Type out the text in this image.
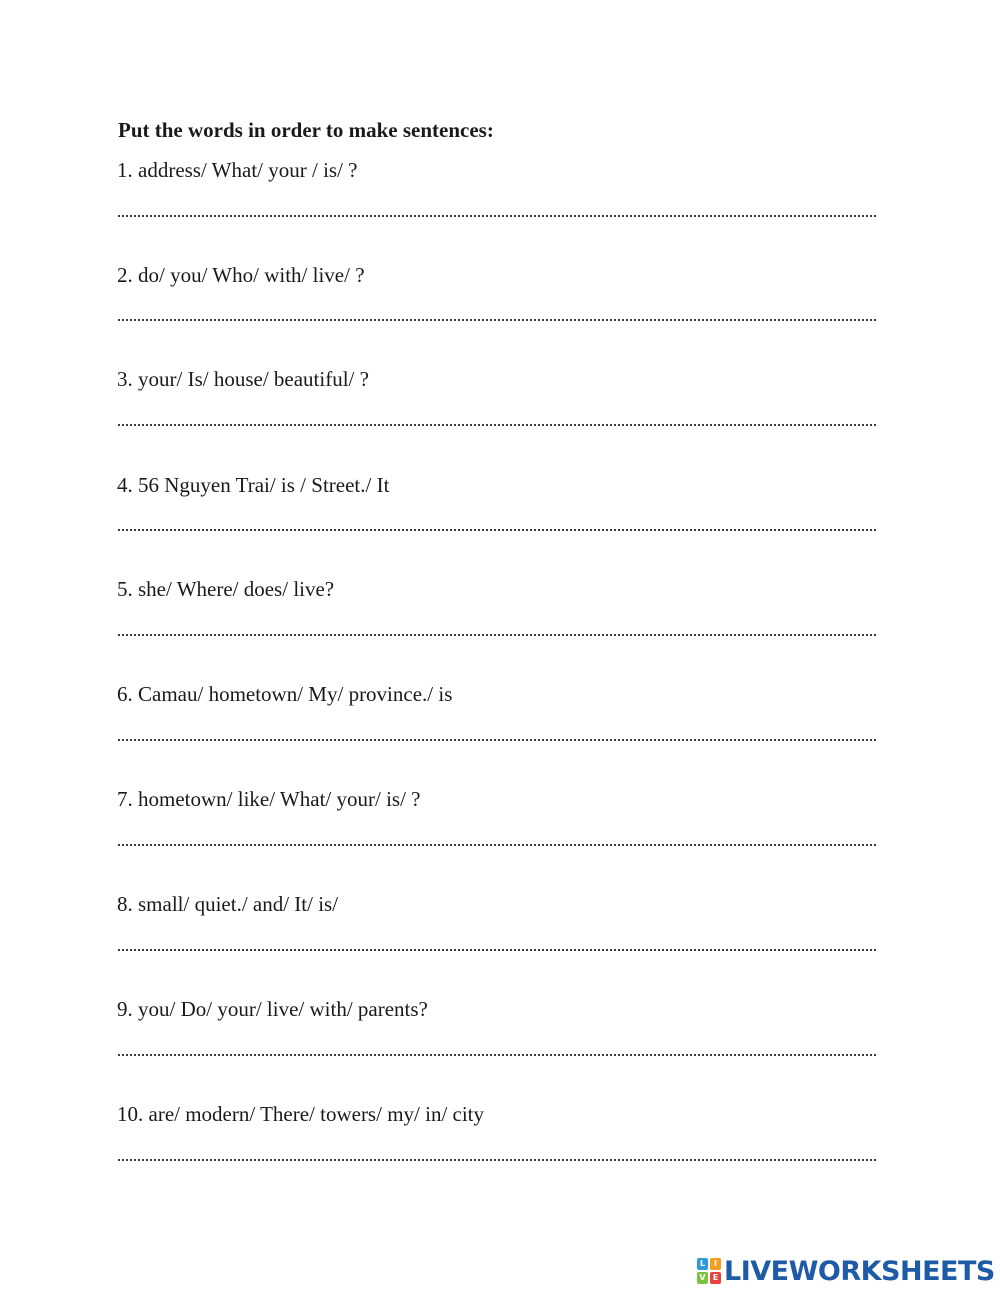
Put the words in order to make sentences:

1. address/ What/ your / is/ ?

2. do/ you/ Who/ with/ live/ ?

3. your/ Is/ house/ beautiful/ ?

4. 56 Nguyen Trai/ is / Street./ It

5. she/ Where/ does/ live?

6. Camau/ hometown/ My/ province./ is

7. hometown/ like/ What/ your/ is/ ?

8. small/ quiet./ and/ It/ is/

9. you/ Do/ your/ live/ with/ parents?

10. are/ modern/ There/ towers/ my/ in/ city

L	I
V E LIVEWORKSHEETS
